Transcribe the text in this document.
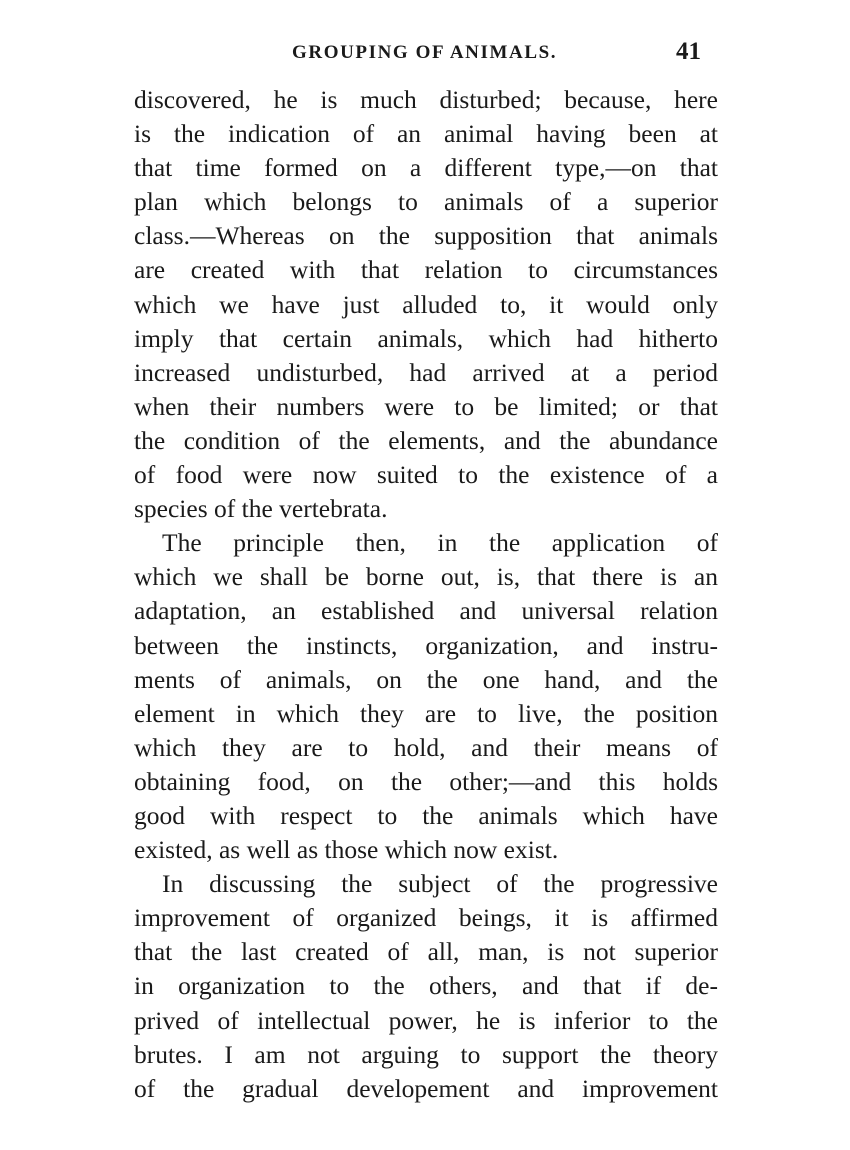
GROUPING OF ANIMALS.	41
discovered, he is much disturbed; because, here
is the indication of an animal having been at
that time formed on a different type,—on that
plan which belongs to animals of a superior
class.—Whereas on the supposition that animals
are created with that relation to circumstances
which we have just alluded to, it would only
imply that certain animals, which had hitherto
increased undisturbed, had arrived at a period
when their numbers were to be limited; or that
the condition of the elements, and the abundance
of food were now suited to the existence of a
species of the vertebrata.
The principle then, in the application of
which we shall be borne out, is, that there is an
adaptation, an established and universal relation
between the instincts, organization, and instru-
ments of animals, on the one hand, and the
element in which they are to live, the position
which they are to hold, and their means of
obtaining food, on the other;—and this holds
good with respect to the animals which have
existed, as well as those which now exist.
In discussing the subject of the progressive
improvement of organized beings, it is affirmed
that the last created of all, man, is not superior
in organization to the others, and that if de-
prived of intellectual power, he is inferior to the
brutes. I am not arguing to support the theory
of the gradual developement and improvement
